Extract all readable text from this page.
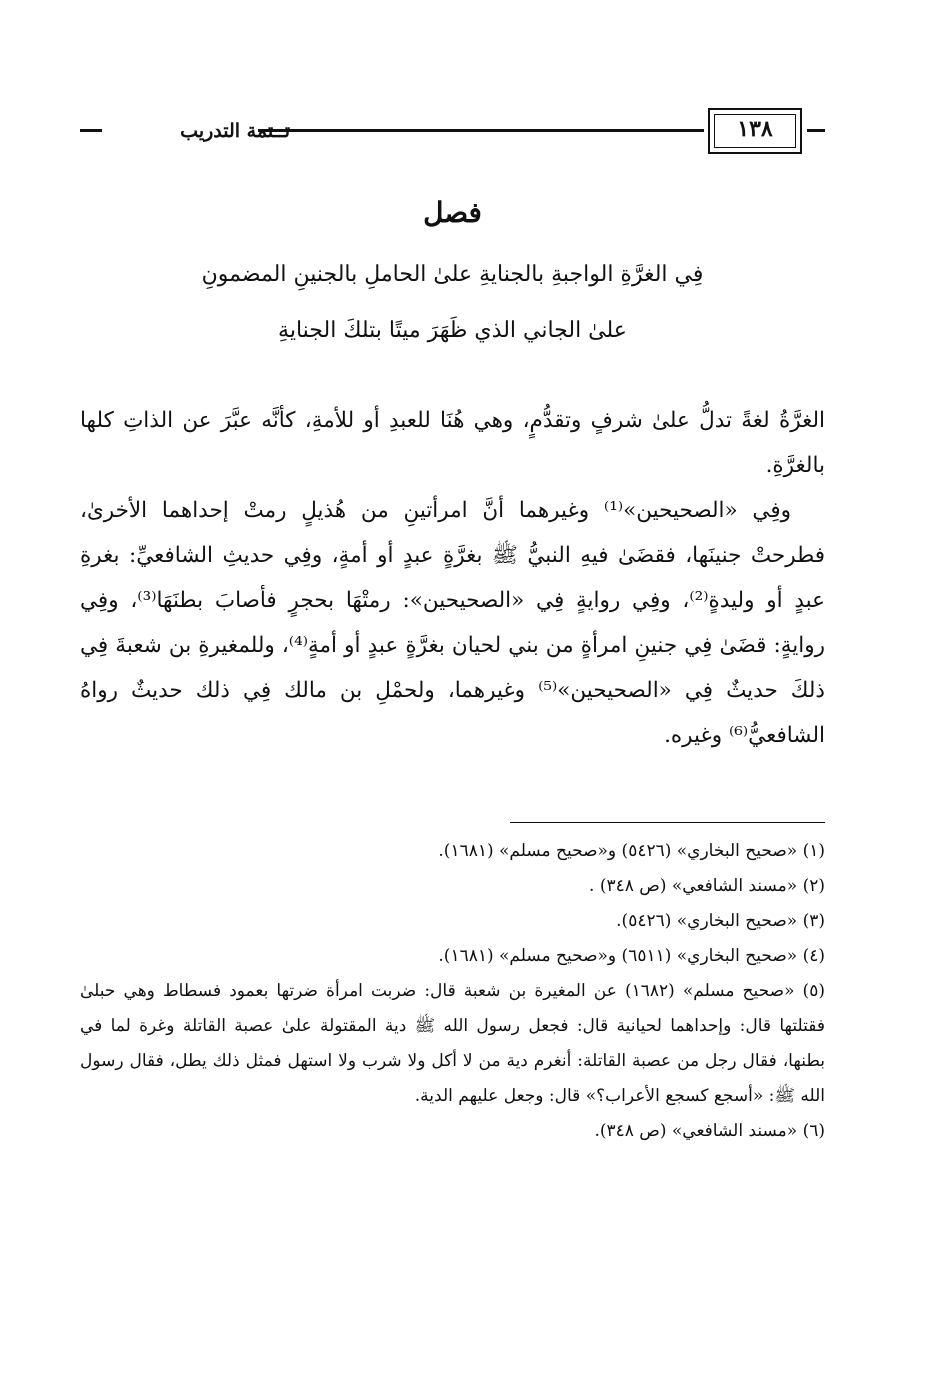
١٣٨
تــتمة التدريب
فصل
فِي الغرَّةِ الواجبةِ بالجنايةِ علىٰ الحاملِ بالجنينِ المضمونِ
علىٰ الجاني الذي ظَهَرَ ميتًا بتلكَ الجنايةِ

الغرَّةُ لغةً تدلُّ علىٰ شرفٍ وتقدُّمٍ، وهي هُنَا للعبدِ أو للأمةِ، كأنَّه عبَّرَ عن الذاتِ كلها بالغرَّةِ.

وفِي «الصحيحين»⁽¹⁾ وغيرهما أنَّ امرأتينِ من هُذيلٍ رمتْ إحداهما الأخرىٰ، فطرحتْ جنينَها، فقضَىٰ فيهِ النبيُّ ﷺ بغرَّةٍ عبدٍ أو أمةٍ، وفِي حديثِ الشافعيِّ: بغرةِ عبدٍ أو وليدةٍ⁽²⁾، وفِي روايةٍ فِي «الصحيحين»: رمتْهَا بحجرٍ فأصابَ بطنَهَا⁽³⁾، وفِي روايةٍ: قضَىٰ فِي جنينِ امرأةٍ من بني لحيان بغرَّةٍ عبدٍ أو أمةٍ⁽⁴⁾، وللمغيرةِ بن شعبةَ فِي ذلكَ حديثٌ فِي «الصحيحين»⁽⁵⁾ وغيرهما، ولحمْلِ بن مالك فِي ذلك حديثٌ رواهُ الشافعيُّ⁽⁶⁾ وغيره.

(١) «صحيح البخاري» (٥٤٢٦) و«صحيح مسلم» (١٦٨١).

(٢) «مسند الشافعي» (ص ٣٤٨) .

(٣) «صحيح البخاري» (٥٤٢٦).

(٤) «صحيح البخاري» (٦٥١١) و«صحيح مسلم» (١٦٨١).

(٥) «صحيح مسلم» (١٦٨٢) عن المغيرة بن شعبة قال: ضربت امرأة ضرتها بعمود فسطاط وهي حبلىٰ فقتلتها قال: وإحداهما لحيانية قال: فجعل رسول الله ﷺ دية المقتولة علىٰ عصبة القاتلة وغرة لما في بطنها، فقال رجل من عصبة القاتلة: أنغرم دية من لا أكل ولا شرب ولا استهل فمثل ذلك يطل، فقال رسول الله ﷺ: «أسجع كسجع الأعراب؟» قال: وجعل عليهم الدية.

(٦) «مسند الشافعي» (ص ٣٤٨).
